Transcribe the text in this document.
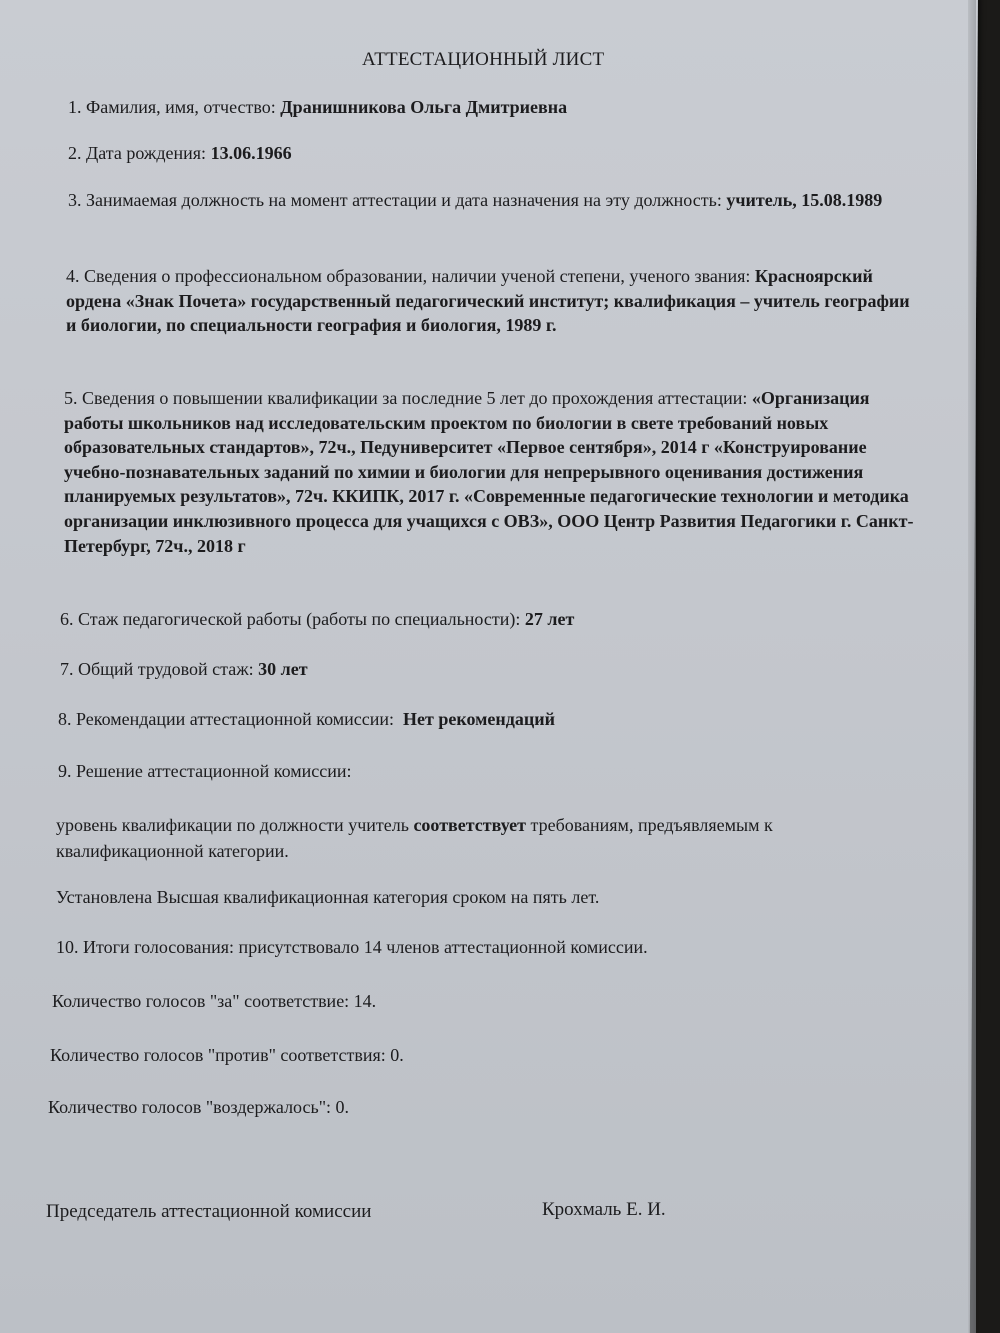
АТТЕСТАЦИОННЫЙ ЛИСТ

1. Фамилия, имя, отчество: Дранишникова Ольга Дмитриевна

2. Дата рождения: 13.06.1966

3. Занимаемая должность на момент аттестации и дата назначения на эту должность: учитель, 15.08.1989

4. Сведения о профессиональном образовании, наличии ученой степени, ученого звания: Красноярский ордена «Знак Почета» государственный педагогический институт; квалификация – учитель географии и биологии, по специальности география и биология, 1989 г.

5. Сведения о повышении квалификации за последние 5 лет до прохождения аттестации: «Организация работы школьников над исследовательским проектом по биологии в свете требований новых образовательных стандартов», 72ч., Педуниверситет «Первое сентября», 2014 г «Конструирование учебно-познавательных заданий по химии и биологии для непрерывного оценивания достижения планируемых результатов», 72ч. ККИПК, 2017 г. «Современные педагогические технологии и методика организации инклюзивного процесса для учащихся с ОВЗ», ООО Центр Развития Педагогики г. Санкт-Петербург, 72ч., 2018 г

6. Стаж педагогической работы (работы по специальности): 27 лет

7. Общий трудовой стаж: 30 лет

8. Рекомендации аттестационной комиссии: Нет рекомендаций

9. Решение аттестационной комиссии:

уровень квалификации по должности учитель соответствует требованиям, предъявляемым к квалификационной категории.

Установлена Высшая квалификационная категория сроком на пять лет.

10. Итоги голосования: присутствовало 14 членов аттестационной комиссии.

Количество голосов "за" соответствие: 14.

Количество голосов "против" соответствия: 0.

Количество голосов "воздержалось": 0.

Председатель аттестационной комиссии	Крохмаль Е. И.
